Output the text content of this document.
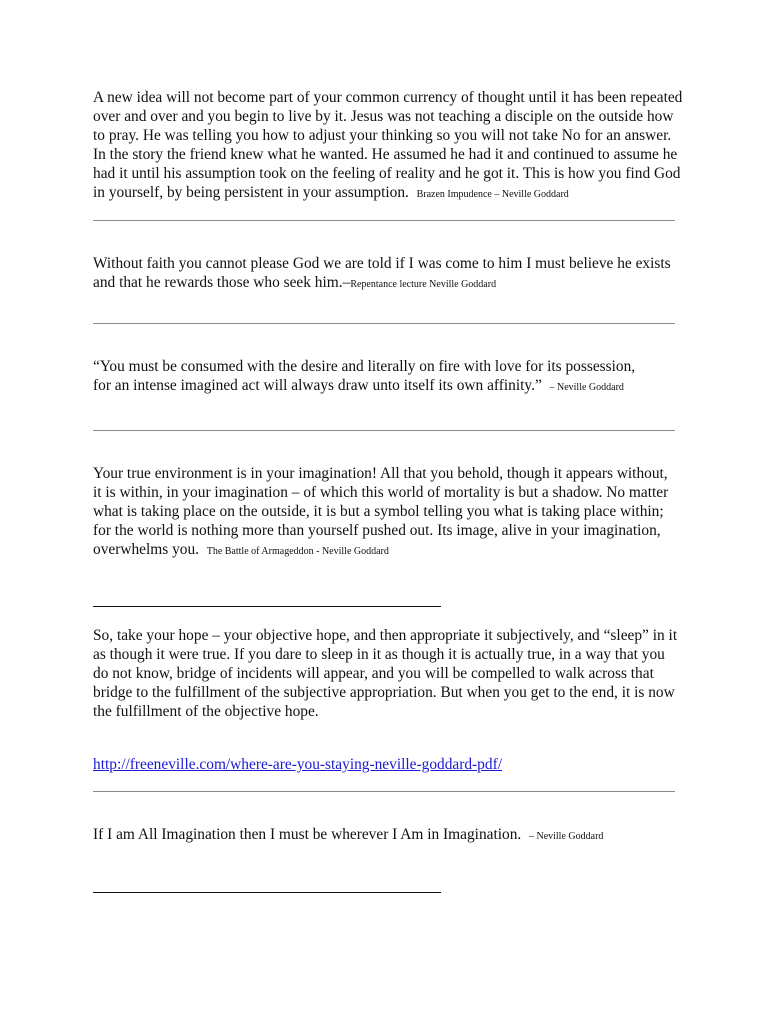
A new idea will not become part of your common currency of thought until it has been repeated over and over and you begin to live by it. Jesus was not teaching a disciple on the outside how to pray. He was telling you how to adjust your thinking so you will not take No for an answer. In the story the friend knew what he wanted. He assumed he had it and continued to assume he had it until his assumption took on the feeling of reality and he got it. This is how you find God in yourself, by being persistent in your assumption. Brazen Impudence – Neville Goddard

Without faith you cannot please God we are told if I was come to him I must believe he exists and that he rewards those who seek him.–Repentance lecture Neville Goddard

“You must be consumed with the desire and literally on fire with love for its possession, for an intense imagined act will always draw unto itself its own affinity.” – Neville Goddard

Your true environment is in your imagination! All that you behold, though it appears without, it is within, in your imagination – of which this world of mortality is but a shadow. No matter what is taking place on the outside, it is but a symbol telling you what is taking place within; for the world is nothing more than yourself pushed out. Its image, alive in your imagination, overwhelms you. The Battle of Armageddon - Neville Goddard

So, take your hope – your objective hope, and then appropriate it subjectively, and “sleep” in it as though it were true. If you dare to sleep in it as though it is actually true, in a way that you do not know, bridge of incidents will appear, and you will be compelled to walk across that bridge to the fulfillment of the subjective appropriation. But when you get to the end, it is now the fulfillment of the objective hope.

http://freeneville.com/where-are-you-staying-neville-goddard-pdf/

If I am All Imagination then I must be wherever I Am in Imagination. – Neville Goddard
